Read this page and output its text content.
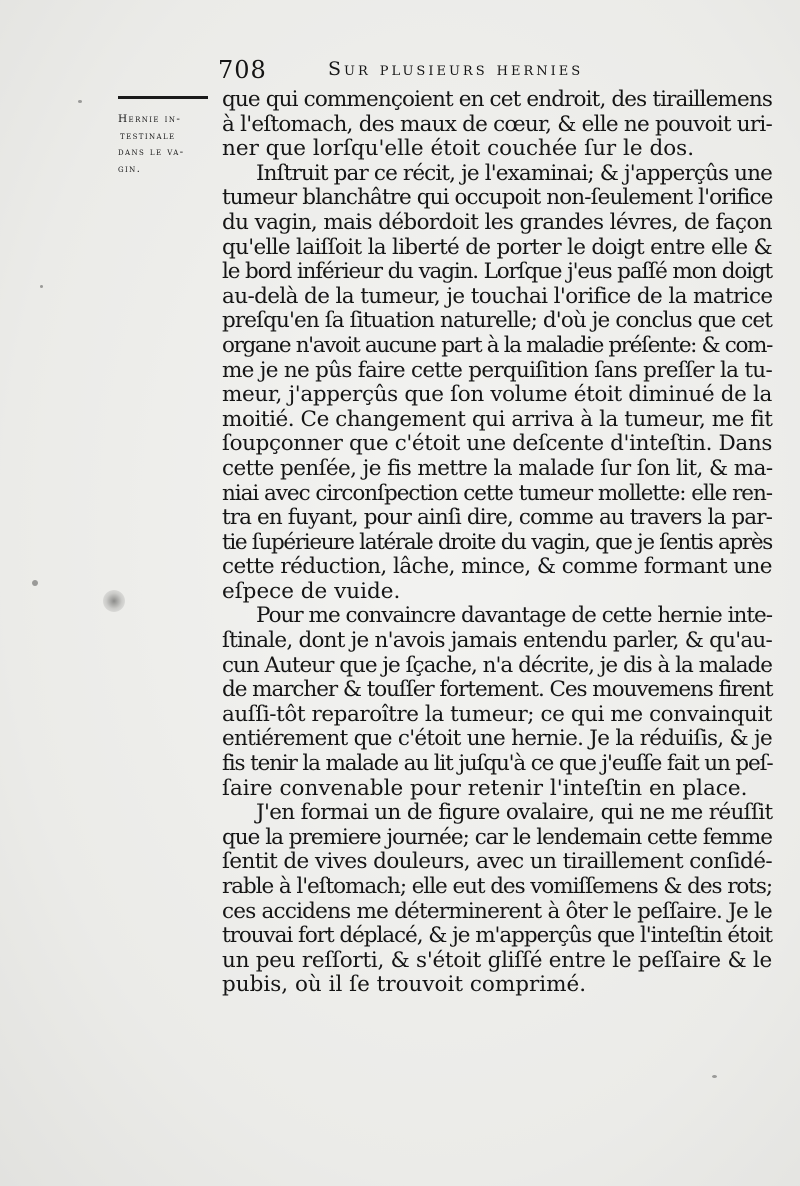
708	Sur plusieurs hernies
Hernie in-
testinale
dans le va-
gin.
que qui commençoient en cet endroit, des tiraillemens
à l'eſtomach, des maux de cœur, & elle ne pouvoit uri-
ner que lorſqu'elle étoit couchée ſur le dos.
Inſtruit par ce récit, je l'examinai; & j'apperçûs une
tumeur blanchâtre qui occupoit non-ſeulement l'orifice
du vagin, mais débordoit les grandes lévres, de façon
qu'elle laiſſoit la liberté de porter le doigt entre elle &
le bord inférieur du vagin. Lorſque j'eus paſſé mon doigt
au-delà de la tumeur, je touchai l'orifice de la matrice
preſqu'en ſa ſituation naturelle; d'où je conclus que cet
organe n'avoit aucune part à la maladie préſente: & com-
me je ne pûs faire cette perquiſition ſans preſſer la tu-
meur, j'apperçûs que ſon volume étoit diminué de la
moitié. Ce changement qui arriva à la tumeur, me fit
ſoupçonner que c'étoit une deſcente d'inteſtin. Dans
cette penſée, je fis mettre la malade ſur ſon lit, & ma-
niai avec circonſpection cette tumeur mollette: elle ren-
tra en fuyant, pour ainſi dire, comme au travers la par-
tie ſupérieure latérale droite du vagin, que je ſentis après
cette réduction, lâche, mince, & comme formant une
eſpece de vuide.
Pour me convaincre davantage de cette hernie inte-
ſtinale, dont je n'avois jamais entendu parler, & qu'au-
cun Auteur que je ſçache, n'a décrite, je dis à la malade
de marcher & touſſer fortement. Ces mouvemens firent
auſſi-tôt reparoître la tumeur; ce qui me convainquit
entiérement que c'étoit une hernie. Je la réduiſis, & je
fis tenir la malade au lit juſqu'à ce que j'euſſe fait un peſ-
ſaire convenable pour retenir l'inteſtin en place.
J'en formai un de figure ovalaire, qui ne me réuſſit
que la premiere journée; car le lendemain cette femme
ſentit de vives douleurs, avec un tiraillement conſidé-
rable à l'eſtomach; elle eut des vomiſſemens & des rots;
ces accidens me déterminerent à ôter le peſſaire. Je le
trouvai fort déplacé, & je m'apperçûs que l'inteſtin étoit
un peu reſſorti, & s'étoit gliſſé entre le peſſaire & le
pubis, où il ſe trouvoit comprimé.
